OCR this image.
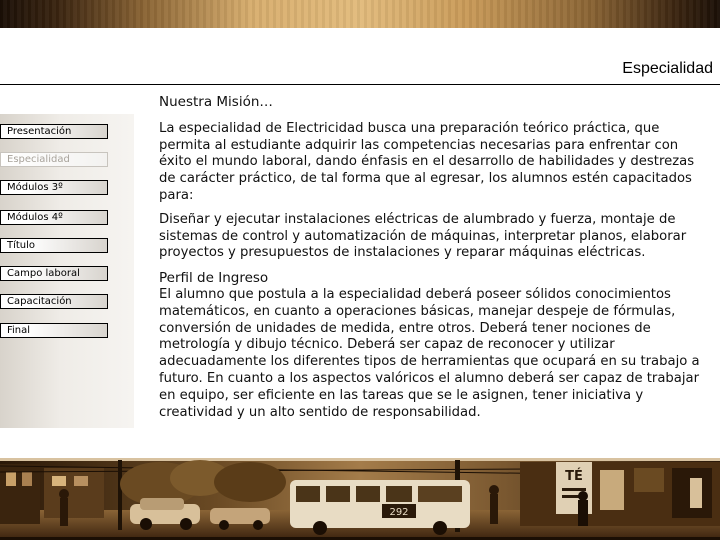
Especialidad
Presentación
Especialidad
Módulos 3º
Módulos 4º
Título
Campo laboral
Capacitación
Final

Nuestra Misión…

La especialidad de Electricidad busca una preparación teórico práctica, que permita al estudiante adquirir las competencias necesarias para enfrentar con éxito el mundo laboral, dando énfasis en el desarrollo de habilidades y destrezas de carácter práctico, de tal forma que al egresar, los alumnos estén capacitados para:

Diseñar y ejecutar instalaciones eléctricas de alumbrado y fuerza, montaje de sistemas de control y automatización de máquinas, interpretar planos, elaborar proyectos y presupuestos de instalaciones y reparar máquinas eléctricas.

Perfil de Ingreso

El alumno que postula a la especialidad deberá poseer sólidos conocimientos matemáticos, en cuanto a operaciones básicas, manejar despeje de fórmulas, conversión de unidades de medida, entre otros. Deberá tener nociones de metrología y dibujo técnico. Deberá ser capaz de reconocer y utilizar adecuadamente los diferentes tipos de herramientas que ocupará en su trabajo a futuro. En cuanto a los aspectos valóricos el alumno deberá ser capaz de trabajar en equipo, ser eficiente en las tareas que se le asignen, tener iniciativa y creatividad y un alto sentido de responsabilidad.

292
TÉ
